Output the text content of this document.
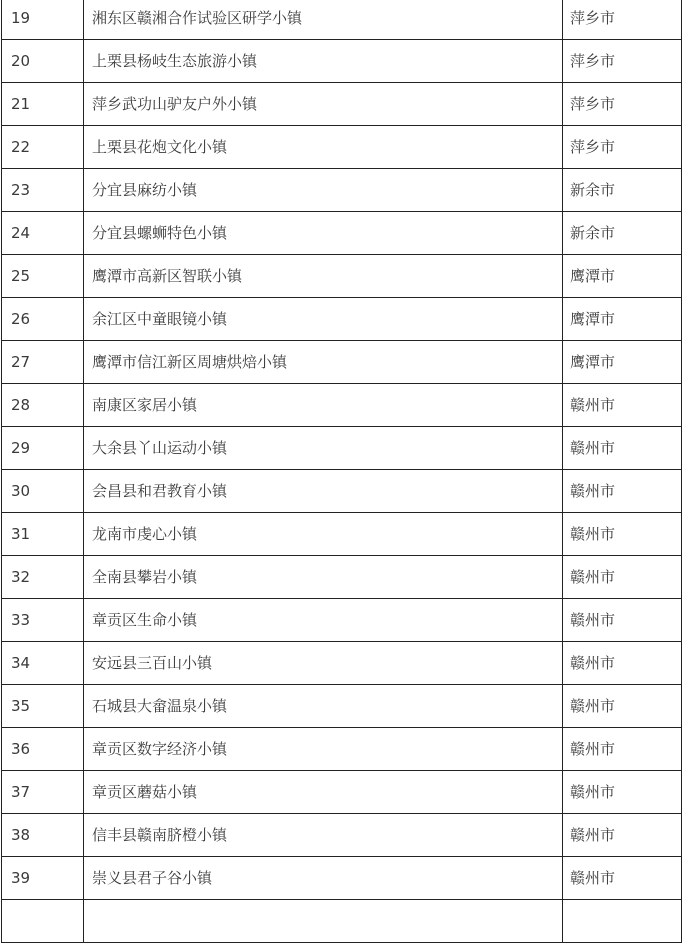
19	湘东区赣湘合作试验区研学小镇	萍乡市
20	上栗县杨岐生态旅游小镇	萍乡市
21	萍乡武功山驴友户外小镇	萍乡市
22	上栗县花炮文化小镇	萍乡市
23	分宜县麻纺小镇	新余市
24	分宜县螺蛳特色小镇	新余市
25	鹰潭市高新区智联小镇	鹰潭市
26	余江区中童眼镜小镇	鹰潭市
27	鹰潭市信江新区周塘烘焙小镇	鹰潭市
28	南康区家居小镇	赣州市
29	大余县丫山运动小镇	赣州市
30	会昌县和君教育小镇	赣州市
31	龙南市虔心小镇	赣州市
32	全南县攀岩小镇	赣州市
33	章贡区生命小镇	赣州市
34	安远县三百山小镇	赣州市
35	石城县大畲温泉小镇	赣州市
36	章贡区数字经济小镇	赣州市
37	章贡区蘑菇小镇	赣州市
38	信丰县赣南脐橙小镇	赣州市
39	崇义县君子谷小镇	赣州市
